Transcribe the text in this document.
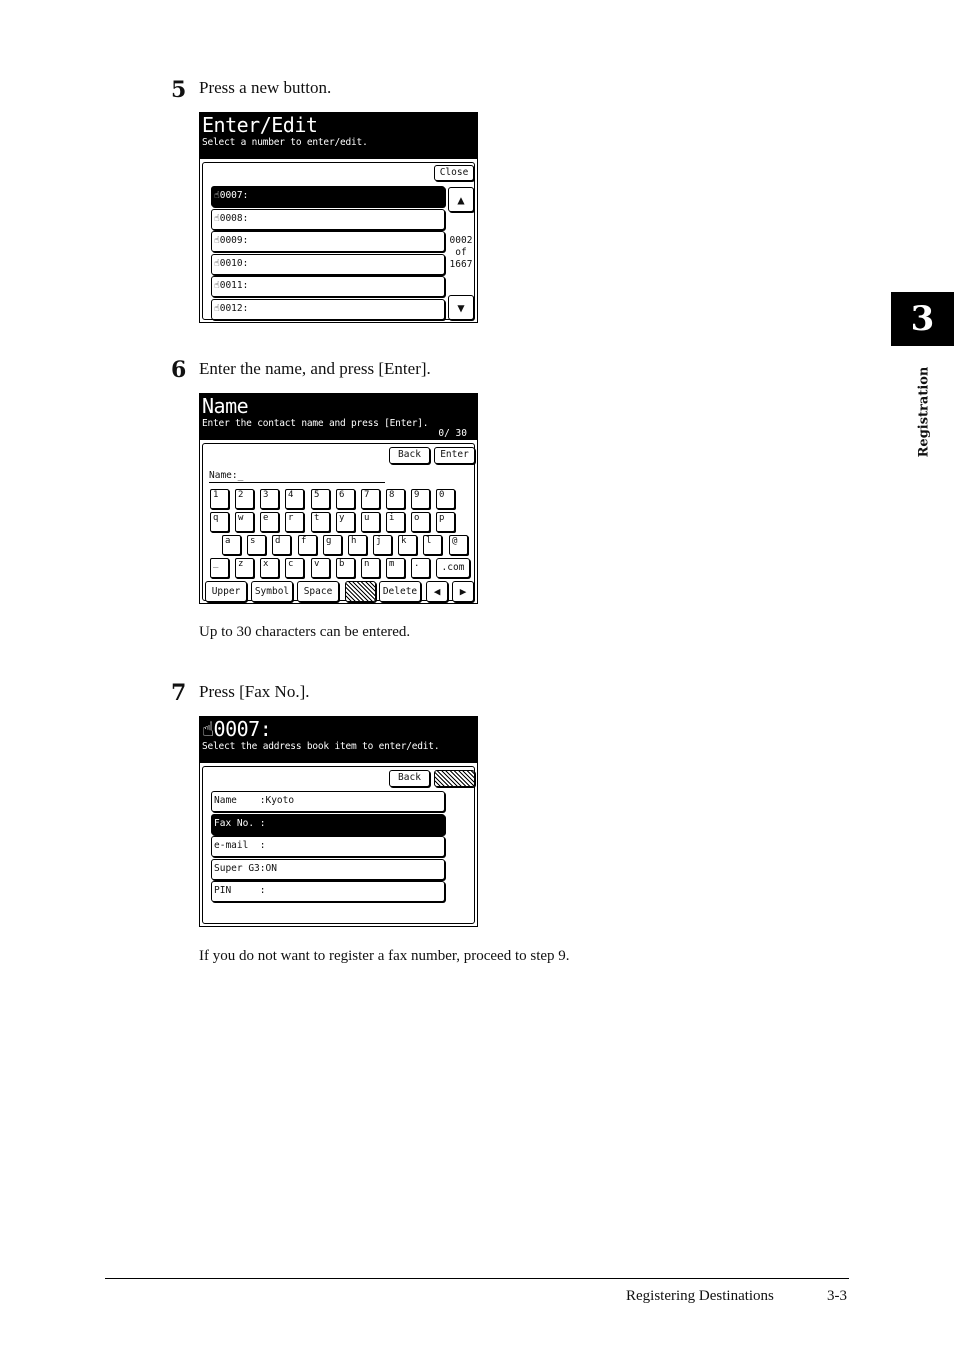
5 Press a new button.
Enter/Edit
Select a number to enter/edit.
Close
☝0007:
☝0008:
☝0009:
☝0010:
☝0011:
☝0012:
▲
0002
of
1667
▼
6 Enter the name, and press [Enter].
Name
Enter the contact name and press [Enter].
0/ 30
Back	Enter
Name:_
1	2	3	4	5	6	7	8	9	0
q	w	e	r	t	y	u	i	o	p
a	s	d	f	g	h	j	k	l	@
_	z	x	c	v	b	n	m	.	.com
Upper	Symbol	Space	Delete	◀ ▶
Up to 30 characters can be entered.
7 Press [Fax No.].
☝0007:
Select the address book item to enter/edit.
Back
Name    :Kyoto
Fax No. :
e-mail  :
Super G3:ON
PIN     :
If you do not want to register a fax number, proceed to step 9.
3
Registration
Registering Destinations	3-3
